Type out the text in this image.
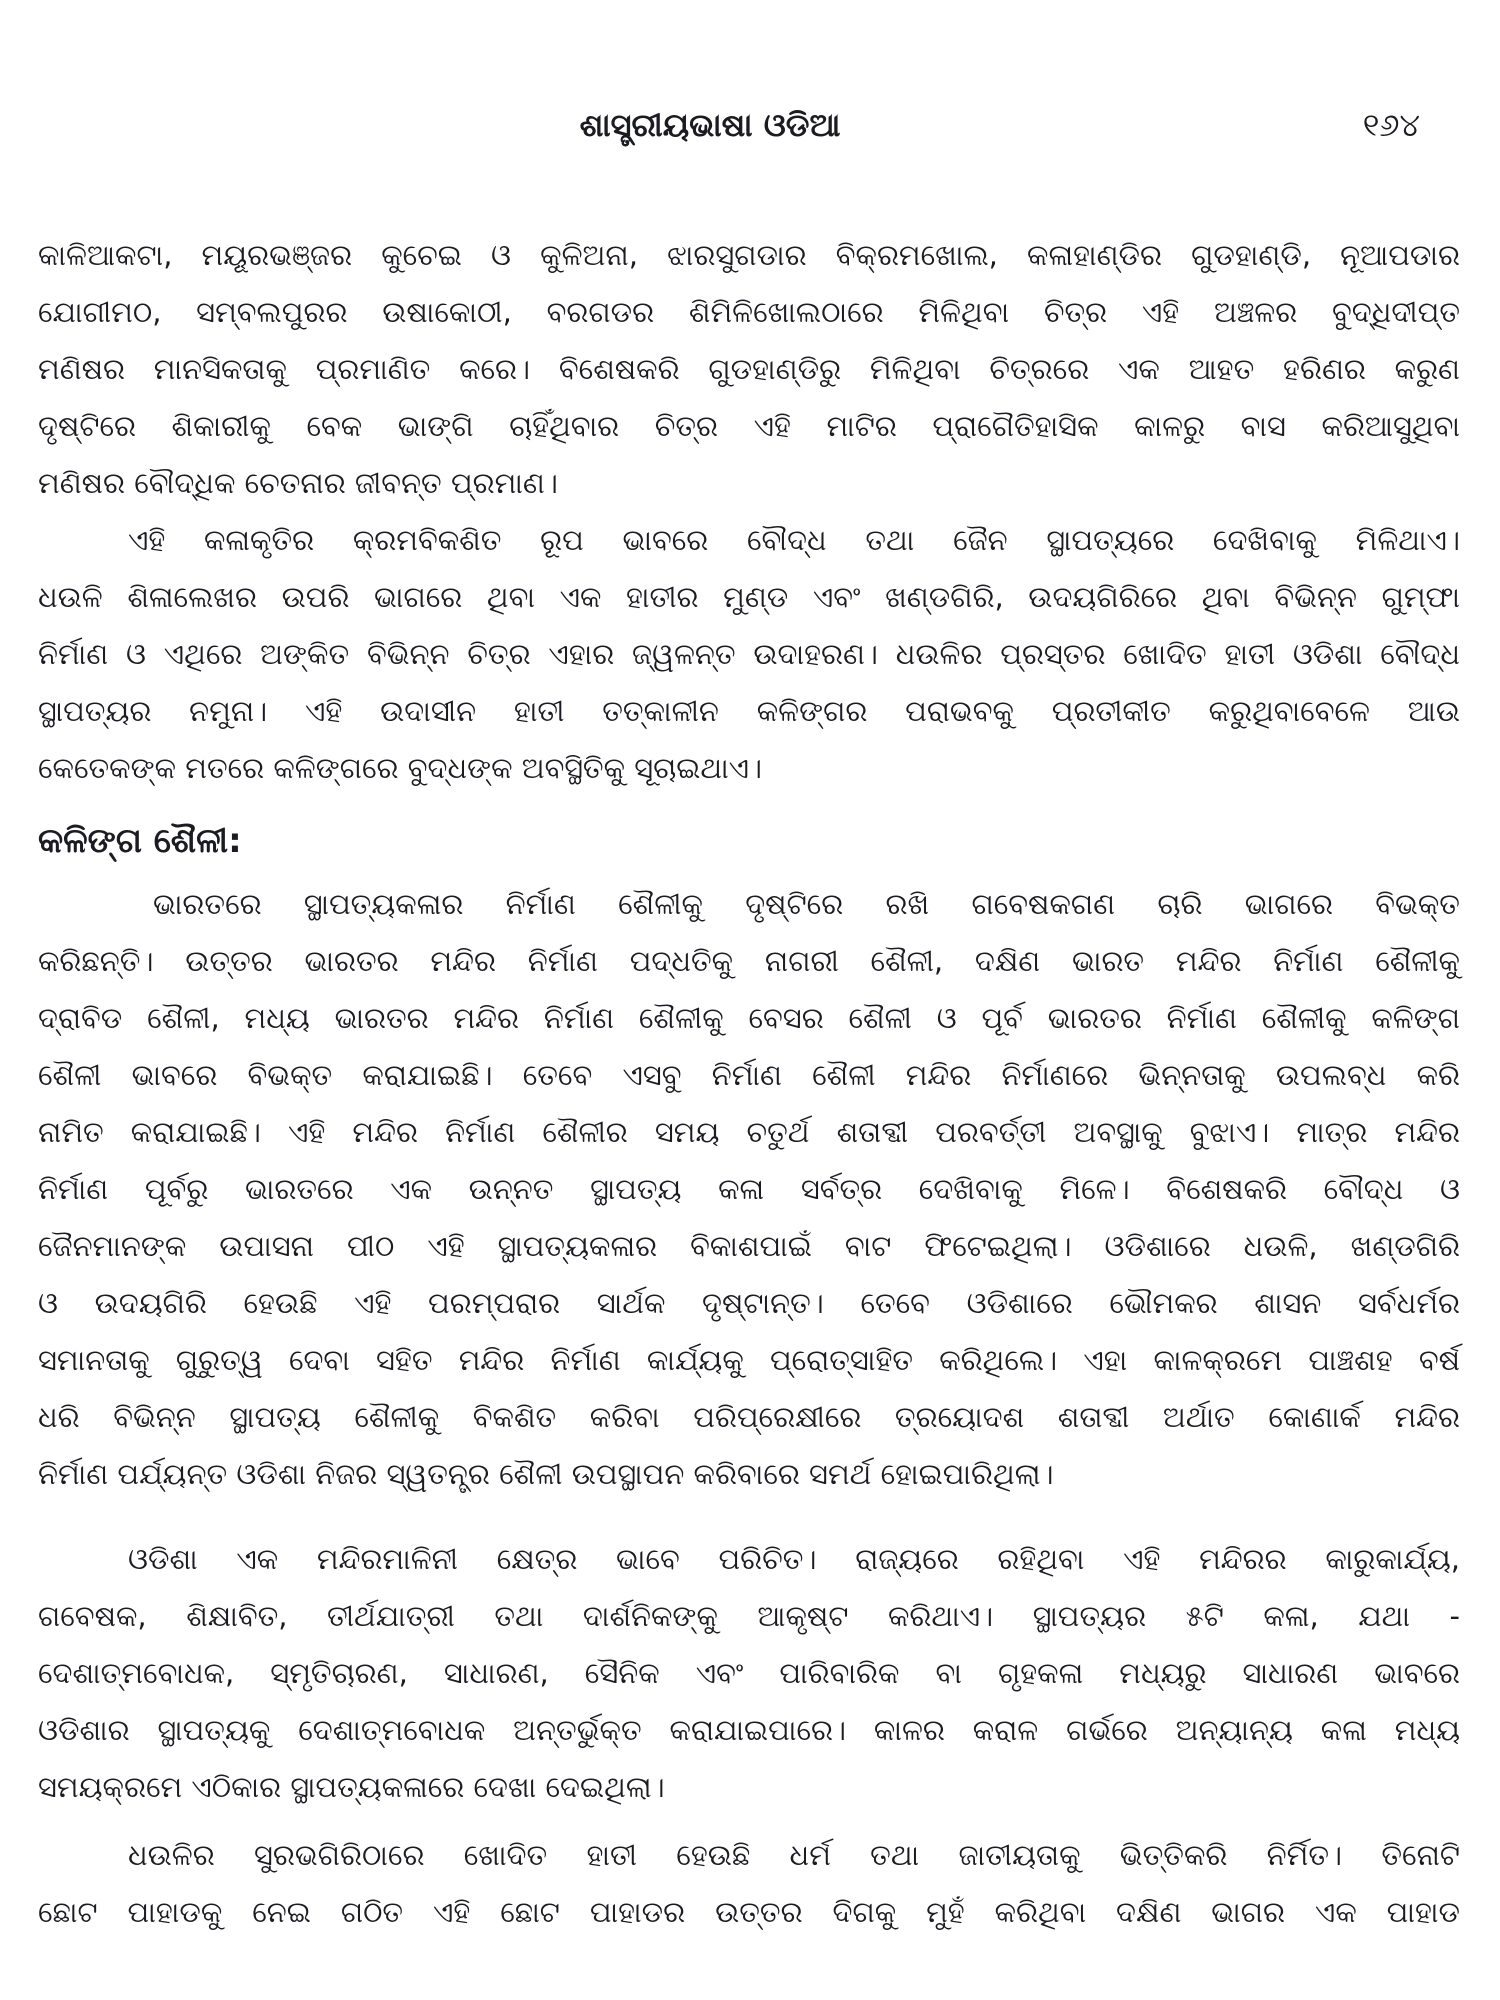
ଶାସ୍ତ୍ରୀୟଭାଷା ଓଡିଆ	୧୬୪
କାଳିଆକଟା, ମୟୂରଭଞ୍ଜର କୁଚେଇ ଓ କୁଳିଅନା, ଝାରସୁଗଡାର ବିକ୍ରମଖୋଲ, କଳାହାଣ୍ଡିର ଗୁଡହାଣ୍ଡି, ନୂଆପଡାର
ଯୋଗୀମଠ, ସମ୍ବଲପୁରର ଉଷାକୋଠୀ, ବରଗଡର ଶିମିଳିଖୋଲଠାରେ ମିଳିଥିବା ଚିତ୍ର ଏହି ଅଞ୍ଚଳର ବୁଦ୍ଧିଦୀପ୍ତ
ମଣିଷର ମାନସିକତାକୁ ପ୍ରମାଣିତ କରେ। ବିଶେଷକରି ଗୁଡହାଣ୍ଡିରୁ ମିଳିଥିବା ଚିତ୍ରରେ ଏକ ଆହତ ହରିଣର କରୁଣ
ଦୃଷ୍ଟିରେ ଶିକାରୀକୁ ବେକ ଭାଙ୍ଗି ଚାହିଁଥିବାର ଚିତ୍ର ଏହି ମାଟିର ପ୍ରାଗୈତିହାସିକ କାଳରୁ ବାସ କରିଆସୁଥିବା
ମଣିଷର ବୌଦ୍ଧିକ ଚେତନାର ଜୀବନ୍ତ ପ୍ରମାଣ।
ଏହି କଳାକୃତିର କ୍ରମବିକଶିତ ରୂପ ଭାବରେ ବୌଦ୍ଧ ତଥା ଜୈନ ସ୍ଥାପତ୍ୟରେ ଦେଖିବାକୁ ମିଳିଥାଏ।
ଧଉଳି ଶିଳାଲେଖର ଉପରି ଭାଗରେ ଥିବା ଏକ ହାତୀର ମୁଣ୍ଡ ଏବଂ ଖଣ୍ଡଗିରି, ଉଦୟଗିରିରେ ଥିବା ବିଭିନ୍ନ ଗୁମ୍ଫା
ନିର୍ମାଣ ଓ ଏଥିରେ ଅଙ୍କିତ ବିଭିନ୍ନ ଚିତ୍ର ଏହାର ଜ୍ୱଳନ୍ତ ଉଦାହରଣ। ଧଉଳିର ପ୍ରସ୍ତର ଖୋଦିତ ହାତୀ ଓଡିଶା ବୌଦ୍ଧ
ସ୍ଥାପତ୍ୟର ନମୁନା। ଏହି ଉଦାସୀନ ହାତୀ ତତ୍କାଳୀନ କଳିଙ୍ଗର ପରାଭବକୁ ପ୍ରତୀକୀତ କରୁଥିବାବେଳେ ଆଉ
କେତେକଙ୍କ ମତରେ କଳିଙ୍ଗରେ ବୁଦ୍ଧଙ୍କ ଅବସ୍ଥିତିକୁ ସୂଚାଇଥାଏ।
କଳିଙ୍ଗ ଶୈଳୀ:
ଭାରତରେ ସ୍ଥାପତ୍ୟକଳାର ନିର୍ମାଣ ଶୈଳୀକୁ ଦୃଷ୍ଟିରେ ରଖି ଗବେଷକଗଣ ଚାରି ଭାଗରେ ବିଭକ୍ତ
କରିଛନ୍ତି। ଉତ୍ତର ଭାରତର ମନ୍ଦିର ନିର୍ମାଣ ପଦ୍ଧତିକୁ ନାଗରୀ ଶୈଳୀ, ଦକ୍ଷିଣ ଭାରତ ମନ୍ଦିର ନିର୍ମାଣ ଶୈଳୀକୁ
ଦ୍ରାବିଡ ଶୈଳୀ, ମଧ୍ୟ ଭାରତର ମନ୍ଦିର ନିର୍ମାଣ ଶୈଳୀକୁ ବେସର ଶୈଳୀ ଓ ପୂର୍ବ ଭାରତର ନିର୍ମାଣ ଶୈଳୀକୁ କଳିଙ୍ଗ
ଶୈଳୀ ଭାବରେ ବିଭକ୍ତ କରାଯାଇଛି। ତେବେ ଏସବୁ ନିର୍ମାଣ ଶୈଳୀ ମନ୍ଦିର ନିର୍ମାଣରେ ଭିନ୍ନତାକୁ ଉପଲବ୍ଧ କରି
ନାମିତ କରାଯାଇଛି। ଏହି ମନ୍ଦିର ନିର୍ମାଣ ଶୈଳୀର ସମୟ ଚତୁର୍ଥ ଶତାବ୍ଦୀ ପରବର୍ତ୍ତୀ ଅବସ୍ଥାକୁ ବୁଝାଏ। ମାତ୍ର ମନ୍ଦିର
ନିର୍ମାଣ ପୂର୍ବରୁ ଭାରତରେ ଏକ ଉନ୍ନତ ସ୍ଥାପତ୍ୟ କଳା ସର୍ବତ୍ର ଦେଖିବାକୁ ମିଳେ। ବିଶେଷକରି ବୌଦ୍ଧ ଓ
ଜୈନମାନଙ୍କ ଉପାସନା ପୀଠ ଏହି ସ୍ଥାପତ୍ୟକଳାର ବିକାଶପାଇଁ ବାଟ ଫିଟେଇଥିଲା। ଓଡିଶାରେ ଧଉଳି, ଖଣ୍ଡଗିରି
ଓ ଉଦୟଗିରି ହେଉଛି ଏହି ପରମ୍ପରାର ସାର୍ଥକ ଦୃଷ୍ଟାନ୍ତ। ତେବେ ଓଡିଶାରେ ଭୌମକର ଶାସନ ସର୍ବଧର୍ମର
ସମାନତାକୁ ଗୁରୁତ୍ୱ ଦେବା ସହିତ ମନ୍ଦିର ନିର୍ମାଣ କାର୍ଯ୍ୟକୁ ପ୍ରୋତ୍ସାହିତ କରିଥିଲେ। ଏହା କାଳକ୍ରମେ ପାଞ୍ଚଶହ ବର୍ଷ
ଧରି ବିଭିନ୍ନ ସ୍ଥାପତ୍ୟ ଶୈଳୀକୁ ବିକଶିତ କରିବା ପରିପ୍ରେକ୍ଷୀରେ ତ୍ରୟୋଦଶ ଶତାବ୍ଦୀ ଅର୍ଥାତ କୋଣାର୍କ ମନ୍ଦିର
ନିର୍ମାଣ ପର୍ଯ୍ୟନ୍ତ ଓଡିଶା ନିଜର ସ୍ୱତନ୍ତ୍ର ଶୈଳୀ ଉପସ୍ଥାପନ କରିବାରେ ସମର୍ଥ ହୋଇପାରିଥିଲା।
ଓଡିଶା ଏକ ମନ୍ଦିରମାଳିନୀ କ୍ଷେତ୍ର ଭାବେ ପରିଚିତ। ରାଜ୍ୟରେ ରହିଥିବା ଏହି ମନ୍ଦିରର କାରୁକାର୍ଯ୍ୟ,
ଗବେଷକ, ଶିକ୍ଷାବିତ, ତୀର୍ଥଯାତ୍ରୀ ତଥା ଦାର୍ଶନିକଙ୍କୁ ଆକୃଷ୍ଟ କରିଥାଏ। ସ୍ଥାପତ୍ୟର ୫ଟି କଳା, ଯଥା -
ଦେଶାତ୍ମବୋଧକ, ସ୍ମୃତିଚାରଣ, ସାଧାରଣ, ସୈନିକ ଏବଂ ପାରିବାରିକ ବା ଗୃହକଳା ମଧ୍ୟରୁ ସାଧାରଣ ଭାବରେ
ଓଡିଶାର ସ୍ଥାପତ୍ୟକୁ ଦେଶାତ୍ମବୋଧକ ଅନ୍ତର୍ଭୁକ୍ତ କରାଯାଇପାରେ। କାଳର କରାଳ ଗର୍ଭରେ ଅନ୍ୟାନ୍ୟ କଳା ମଧ୍ୟ
ସମୟକ୍ରମେ ଏଠିକାର ସ୍ଥାପତ୍ୟକଳାରେ ଦେଖା ଦେଇଥିଲା।
ଧଉଳିର ସୁରଭଗିରିଠାରେ ଖୋଦିତ ହାତୀ ହେଉଛି ଧର୍ମ ତଥା ଜାତୀୟତାକୁ ଭିତ୍ତିକରି ନିର୍ମିତ। ତିନୋଟି
ଛୋଟ ପାହାଡକୁ ନେଇ ଗଠିତ ଏହି ଛୋଟ ପାହାଡର ଉତ୍ତର ଦିଗକୁ ମୁହଁ କରିଥିବା ଦକ୍ଷିଣ ଭାଗର ଏକ ପାହାଡ
